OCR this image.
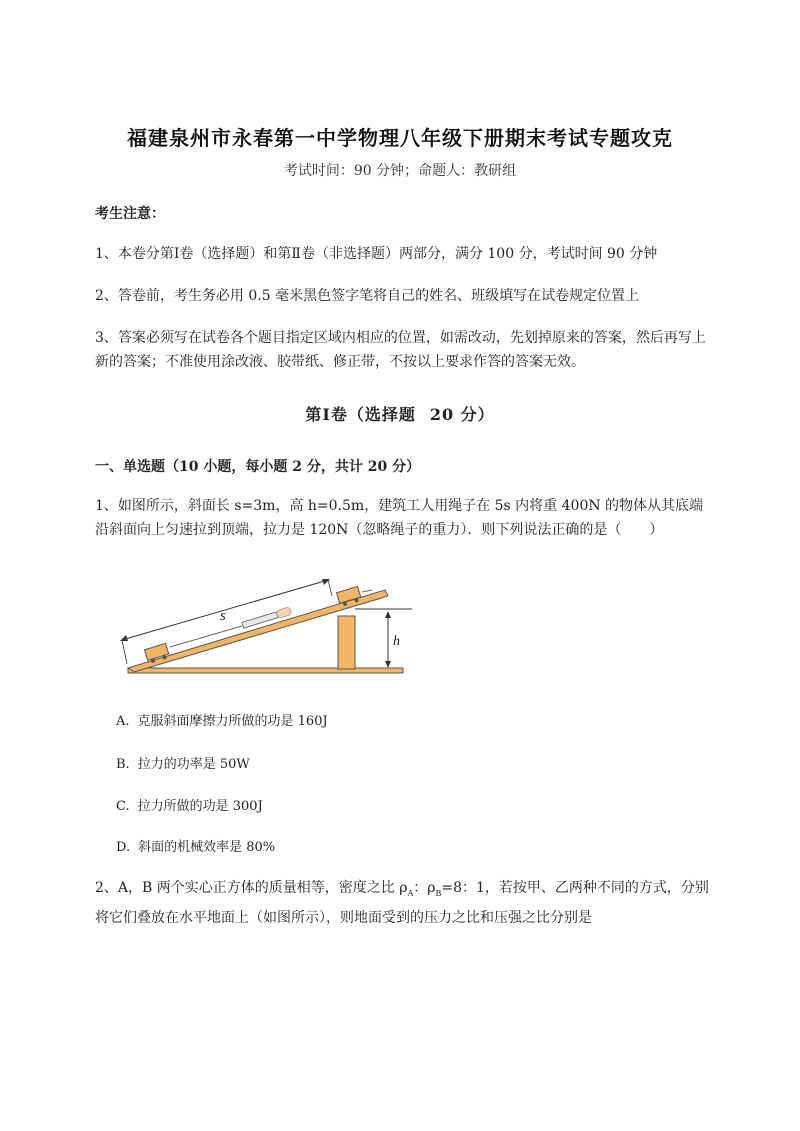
福建泉州市永春第一中学物理八年级下册期末考试专题攻克
考试时间：90 分钟；命题人：教研组
考生注意：
1、本卷分第Ⅰ卷（选择题）和第Ⅱ卷（非选择题）两部分，满分 100 分，考试时间 90 分钟
2、答卷前，考生务必用 0.5 毫米黑色签字笔将自己的姓名、班级填写在试卷规定位置上
3、答案必须写在试卷各个题目指定区域内相应的位置，如需改动，先划掉原来的答案，然后再写上新的答案；不准使用涂改液、胶带纸、修正带，不按以上要求作答的答案无效。
第Ⅰ卷（选择题 20 分）
一、单选题（10 小题，每小题 2 分，共计 20 分）
1、如图所示，斜面长 s=3m，高 h=0.5m，建筑工人用绳子在 5s 内将重 400N 的物体从其底端沿斜面向上匀速拉到顶端，拉力是 120N（忽略绳子的重力）．则下列说法正确的是（　　）
h
s
A. 克服斜面摩擦力所做的功是 160J
B. 拉力的功率是 50W
C. 拉力所做的功是 300J
D. 斜面的机械效率是 80%
2、A，B 两个实心正方体的质量相等，密度之比 $\rho_A$：$\rho_B=8$：1，若按甲、乙两种不同的方式，分别将它们叠放在水平地面上（如图所示），则地面受到的压力之比和压强之比分别是
